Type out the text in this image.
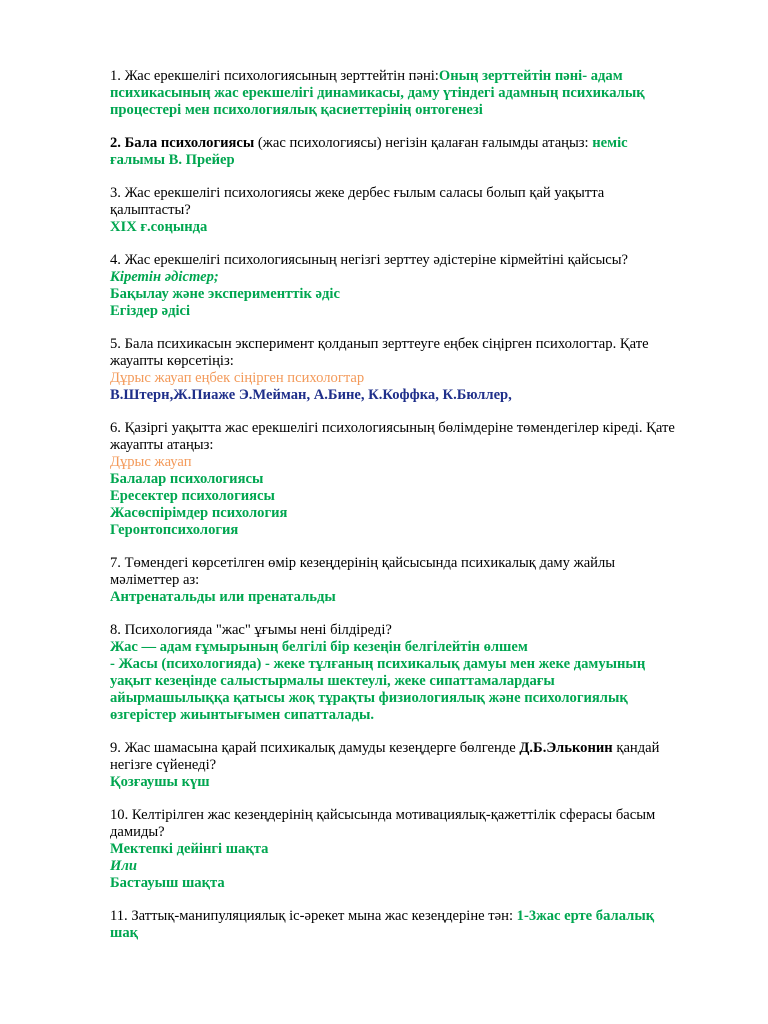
1. Жас ерекшелігі психологиясының зерттейтін пәні:Оның зерттейтін пәні- адам
психикасының жас ерекшелігі динамикасы, даму үтіндегі адамның психикалық
процестері мен психологиялық қасиеттерінің онтогенезі
2. Бала психологиясы (жас психологиясы) негізін қалаған ғалымды атаңыз: неміс
ғалымы В. Прейер
3. Жас ерекшелігі психологиясы жеке дербес ғылым саласы болып қай уақытта
қалыптасты?
XIX ғ.соңында
4. Жас ерекшелігі психологиясының негізгі зерттеу әдістеріне кірмейтіні қайсысы?
Кіретін әдістер;
Бақылау және эксперименттік әдіс
Егіздер әдісі
5. Бала психикасын эксперимент қолданып зерттеуге еңбек сіңірген психологтар. Қате
жауапты көрсетіңіз:
Дұрыс жауап еңбек сіңірген психологтар
В.Штерн,Ж.Пиаже Э.Мейман, А.Бине, К.Коффка, К.Бюллер,
6. Қазіргі уақытта жас ерекшелігі психологиясының бөлімдеріне төмендегілер кіреді. Қате
жауапты атаңыз:
Дұрыс жауап
Балалар психологиясы
Ересектер психологиясы
Жасөспірімдер психология
Геронтопсихология
7. Төмендегі көрсетілген өмір кезеңдерінің қайсысында психикалық даму жайлы
мәліметтер аз:
Антренатальды или пренатальды
8. Психологияда "жас" ұғымы нені білдіреді?
Жас — адам ғұмырының белгілі бір кезеңін белгілейтін өлшем
- Жасы (психологияда) - жеке тұлғаның психикалық дамуы мен жеке дамуының
уақыт кезеңінде салыстырмалы шектеулі, жеке сипаттамалардағы
айырмашылыққа қатысы жоқ тұрақты физиологиялық және психологиялық
өзгерістер жиынтығымен сипатталады.
9. Жас шамасына қарай психикалық дамуды кезеңдерге бөлгенде Д.Б.Эльконин қандай
негізге сүйенеді?
Қозғаушы күш
10. Келтірілген жас кезеңдерінің қайсысында мотивациялық-қажеттілік сферасы басым
дамиды?
Мектепкі дейінгі шақта
Или
Бастауыш шақта
11. Заттық-манипуляциялық іс-әрекет мына жас кезеңдеріне тән: 1-3жас ерте балалық
шақ
